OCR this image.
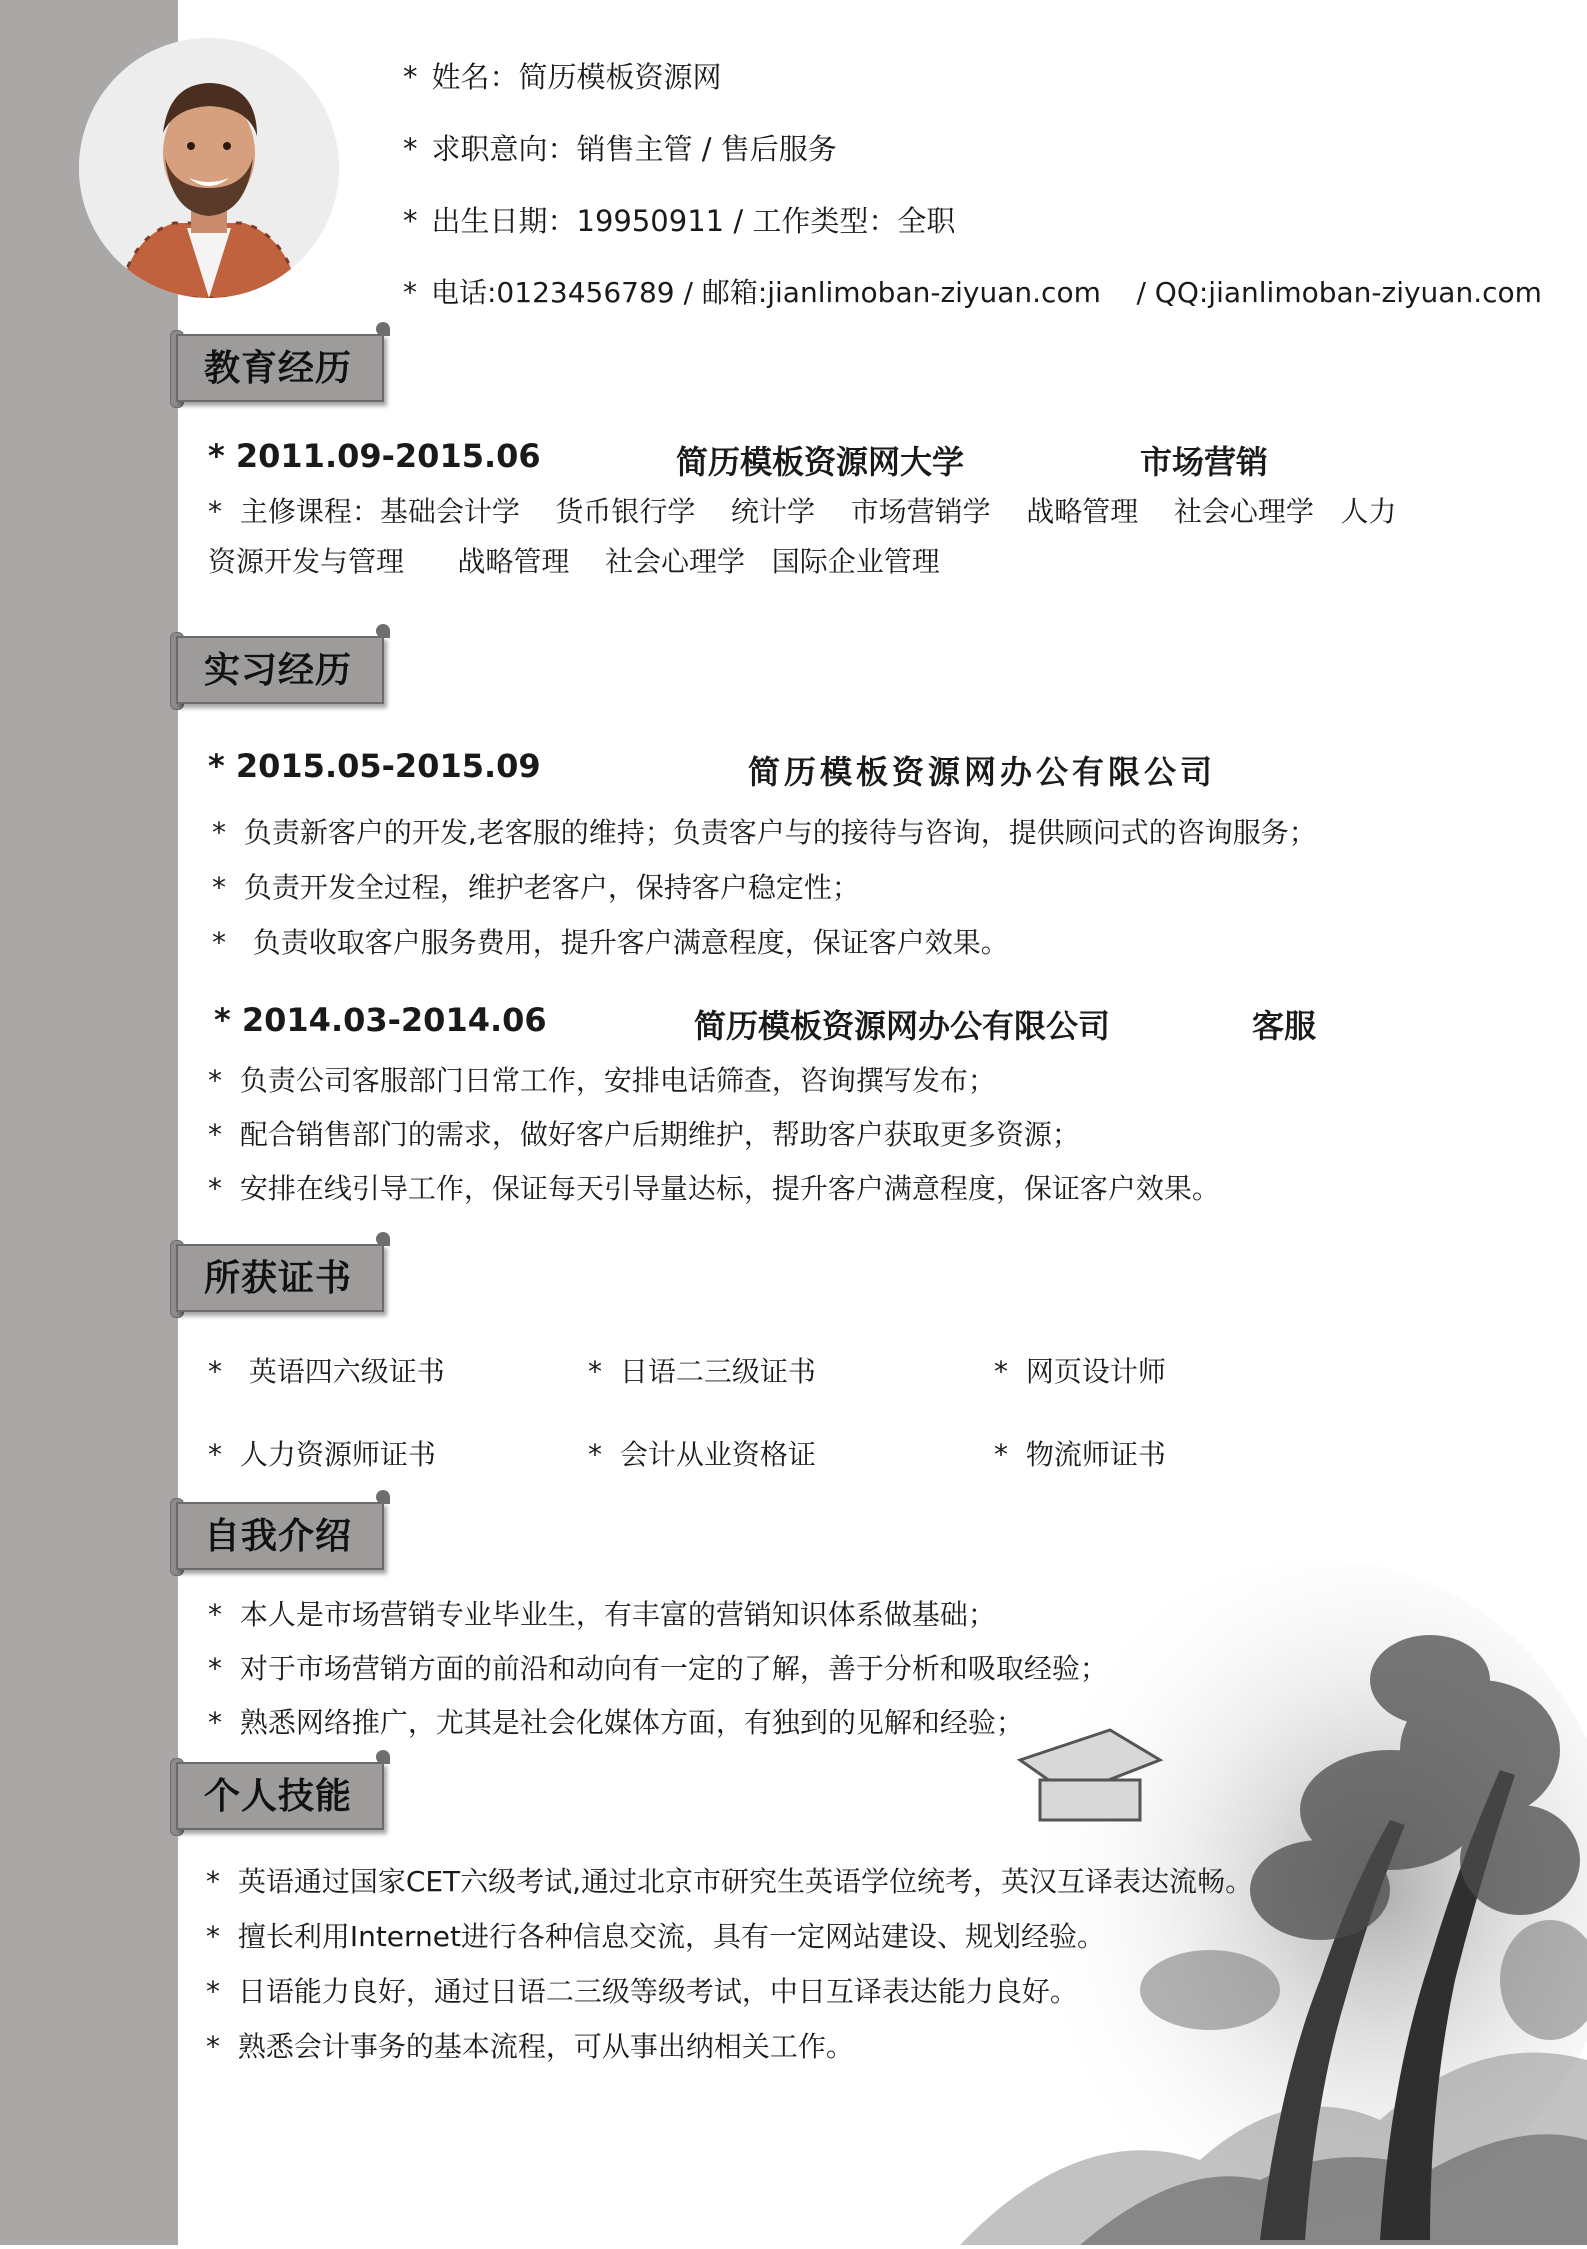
* 姓名：简历模板资源网
* 求职意向：销售主管 / 售后服务
* 出生日期：19950911 / 工作类型：全职
* 电话:0123456789 / 邮箱:jianlimoban-ziyuan.com    / QQ:jianlimoban-ziyuan.com
教育经历
* 2011.09-2015.06	简历模板资源网大学	市场营销
*  主修课程：基础会计学    货币银行学    统计学    市场营销学    战略管理    社会心理学   人力
资源开发与管理      战略管理    社会心理学   国际企业管理
实习经历
* 2015.05-2015.09	简历模板资源网办公有限公司
*  负责新客户的开发,老客服的维持；负责客户与的接待与咨询，提供顾问式的咨询服务；
*  负责开发全过程，维护老客户，保持客户稳定性；
*   负责收取客户服务费用，提升客户满意程度，保证客户效果。
* 2014.03-2014.06	简历模板资源网办公有限公司	客服
*  负责公司客服部门日常工作，安排电话筛查，咨询撰写发布；
*  配合销售部门的需求，做好客户后期维护，帮助客户获取更多资源；
*  安排在线引导工作，保证每天引导量达标，提升客户满意程度，保证客户效果。
所获证书
*   英语四六级证书	*  日语二三级证书	*  网页设计师
*  人力资源师证书	*  会计从业资格证	*  物流师证书
自我介绍
*  本人是市场营销专业毕业生，有丰富的营销知识体系做基础；
*  对于市场营销方面的前沿和动向有一定的了解，善于分析和吸取经验；
*  熟悉网络推广，尤其是社会化媒体方面，有独到的见解和经验；
个人技能
*  英语通过国家CET六级考试,通过北京市研究生英语学位统考，英汉互译表达流畅。
*  擅长利用Internet进行各种信息交流，具有一定网站建设、规划经验。
*  日语能力良好，通过日语二三级等级考试，中日互译表达能力良好。
*  熟悉会计事务的基本流程，可从事出纳相关工作。
